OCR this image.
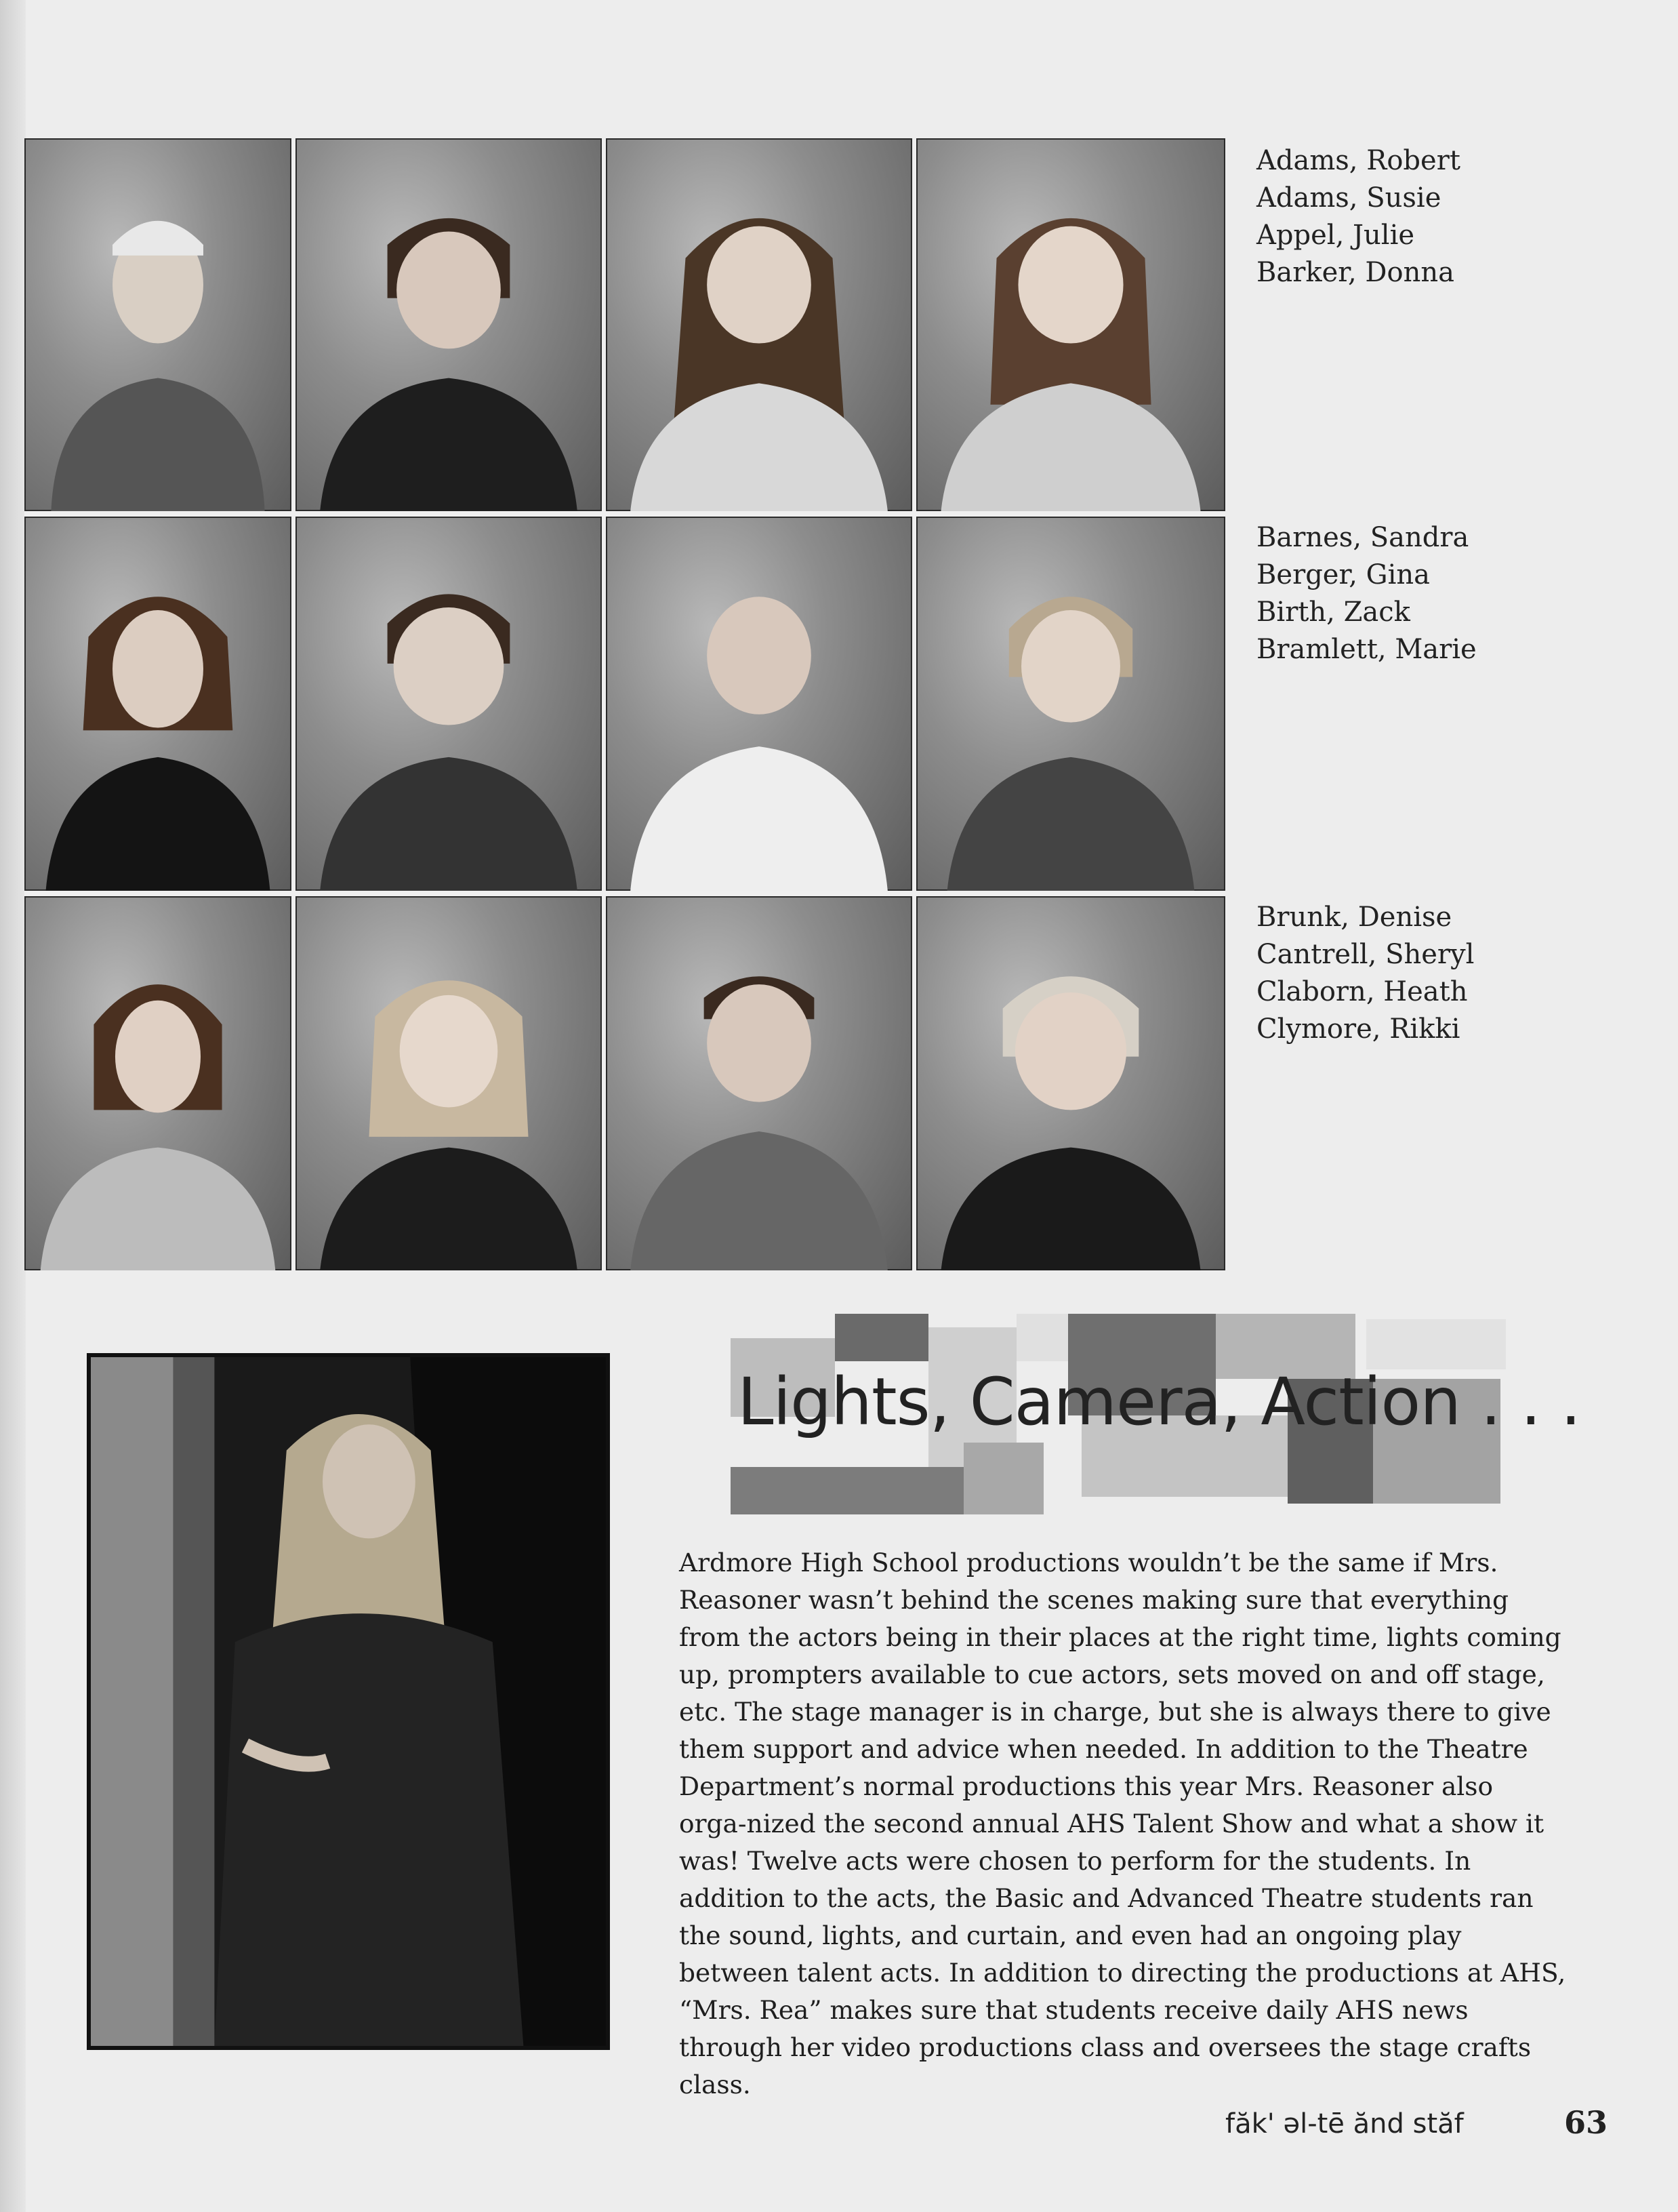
Adams, Robert
Adams, Susie
Appel, Julie
Barker, Donna
Barnes, Sandra
Berger, Gina
Birth, Zack
Bramlett, Marie
Brunk, Denise
Cantrell, Sheryl
Claborn, Heath
Clymore, Rikki
Lights, Camera, Action . . .

Ardmore High School productions wouldn’t be the same if Mrs. Reasoner wasn’t behind the scenes making sure that everything from the actors being in their places at the right time, lights coming up, prompters available to cue actors, sets moved on and off stage, etc. The stage manager is in charge, but she is always there to give them support and advice when needed. In addition to the Theatre Department’s normal productions this year Mrs. Reasoner also orga-nized the second annual AHS Talent Show and what a show it was! Twelve acts were chosen to perform for the students. In addition to the acts, the Basic and Advanced Theatre students ran the sound, lights, and curtain, and even had an ongoing play between talent acts. In addition to directing the productions at AHS, “Mrs. Rea” makes sure that students receive daily AHS news through her video productions class and oversees the stage crafts class.

făk' əl-tē ănd stăf	63
